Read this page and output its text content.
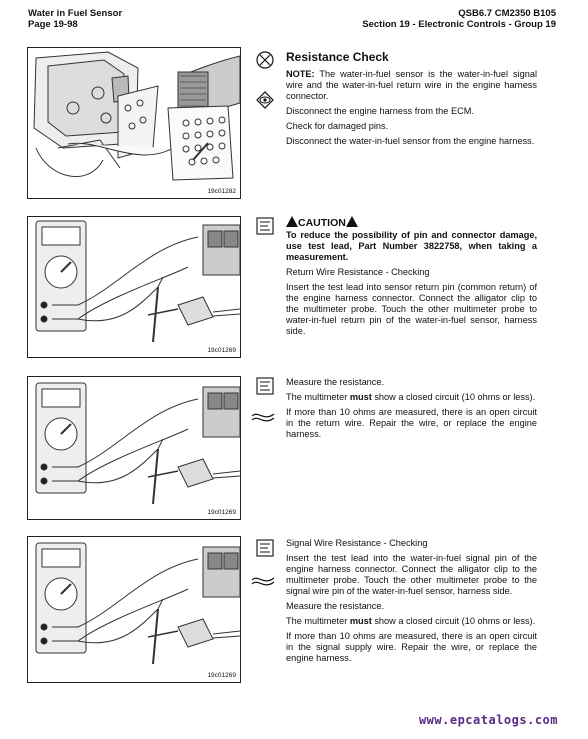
Water in Fuel Sensor
Page 19-98
QSB6.7 CM2350 B105
Section 19 - Electronic Controls - Group 19
19c01282
Resistance Check

NOTE: The water-in-fuel sensor is the water-in-fuel signal wire and the water-in-fuel return wire in the engine harness connector.

Disconnect the engine harness from the ECM.

Check for damaged pins.

Disconnect the water-in-fuel sensor from the engine harness.

19c01269
CAUTION

To reduce the possibility of pin and connector damage, use test lead, Part Number 3822758, when taking a measurement.

Return Wire Resistance - Checking

Insert the test lead into sensor return pin (common return) of the engine harness connector. Connect the alligator clip to the multimeter probe. Touch the other multimeter probe to water-in-fuel return pin of the water-in-fuel sensor, harness side.

19c01269

Measure the resistance.

The multimeter must show a closed circuit (10 ohms or less).

If more than 10 ohms are measured, there is an open circuit in the return wire. Repair the wire, or replace the engine harness.

19c01269

Signal Wire Resistance - Checking

Insert the test lead into the water-in-fuel signal pin of the engine harness connector. Connect the alligator clip to the multimeter probe. Touch the other multimeter probe to the signal wire pin of the water-in-fuel sensor, harness side.

Measure the resistance.

The multimeter must show a closed circuit (10 ohms or less).

If more than 10 ohms are measured, there is an open circuit in the signal supply wire. Repair the wire, or replace the engine harness.

www.epcatalogs.com
